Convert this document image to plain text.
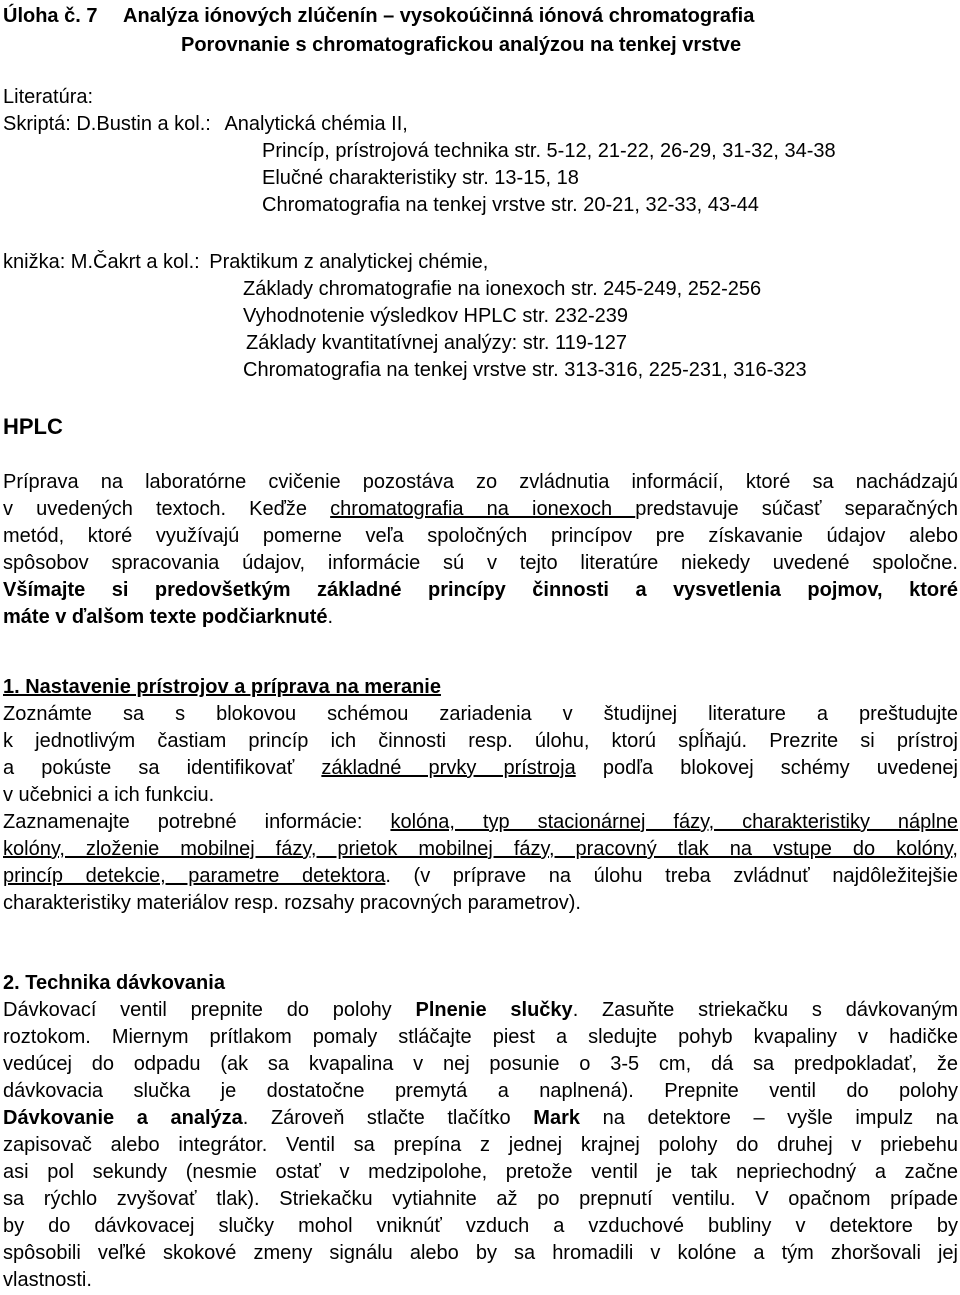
Úloha č. 7 Analýza iónových zlúčenín – vysokoúčinná iónová chromatografia
Porovnanie s chromatografickou analýzou na tenkej vrstve
Literatúra:
Skriptá: D.Bustin a kol.: Analytická chémia II,
Princíp, prístrojová technika str. 5-12, 21-22, 26-29, 31-32, 34-38
Elučné charakteristiky str. 13-15, 18
Chromatografia na tenkej vrstve str. 20-21, 32-33, 43-44
knižka: M.Čakrt a kol.: Praktikum z analytickej chémie,
Základy chromatografie na ionexoch str. 245-249, 252-256
Vyhodnotenie výsledkov HPLC str. 232-239
Základy kvantitatívnej analýzy: str. 119-127
Chromatografia na tenkej vrstve str. 313-316, 225-231, 316-323
HPLC
Príprava na laboratórne cvičenie pozostáva zo zvládnutia informácií, ktoré sa nachádzajú
v uvedených textoch. Keďže chromatografia na ionexoch predstavuje súčasť separačných
metód, ktoré využívajú pomerne veľa spoločných princípov pre získavanie údajov alebo
spôsobov spracovania údajov, informácie sú v tejto literatúre niekedy uvedené spoločne.
Všímajte si predovšetkým základné princípy činnosti a vysvetlenia pojmov, ktoré
máte v ďalšom texte podčiarknuté.
1. Nastavenie prístrojov a príprava na meranie
Zoznámte sa s blokovou schémou zariadenia v študijnej literature a preštudujte
k jednotlivým častiam princíp ich činnosti resp. úlohu, ktorú spĺňajú. Prezrite si prístroj
a pokúste sa identifikovať základné prvky prístroja podľa blokovej schémy uvedenej
v učebnici a ich funkciu.
Zaznamenajte potrebné informácie: kolóna, typ stacionárnej fázy, charakteristiky náplne
kolóny, zloženie mobilnej fázy, prietok mobilnej fázy, pracovný tlak na vstupe do kolóny,
princíp detekcie, parametre detektora. (v príprave na úlohu treba zvládnuť najdôležitejšie
charakteristiky materiálov resp. rozsahy pracovných parametrov).
2. Technika dávkovania
Dávkovací ventil prepnite do polohy Plnenie slučky. Zasuňte striekačku s dávkovaným
roztokom. Miernym prítlakom pomaly stláčajte piest a sledujte pohyb kvapaliny v hadičke
vedúcej do odpadu (ak sa kvapalina v nej posunie o 3-5 cm, dá sa predpokladať, že
dávkovacia slučka je dostatočne premytá a naplnená). Prepnite ventil do polohy
Dávkovanie a analýza. Zároveň stlačte tlačítko Mark na detektore – vyšle impulz na
zapisovač alebo integrátor. Ventil sa prepína z jednej krajnej polohy do druhej v priebehu
asi pol sekundy (nesmie ostať v medzipolohe, pretože ventil je tak nepriechodný a začne
sa rýchlo zvyšovať tlak). Striekačku vytiahnite až po prepnutí ventilu. V opačnom prípade
by do dávkovacej slučky mohol vniknúť vzduch a vzduchové bubliny v detektore by
spôsobili veľké skokové zmeny signálu alebo by sa hromadili v kolóne a tým zhoršovali jej
vlastnosti.
